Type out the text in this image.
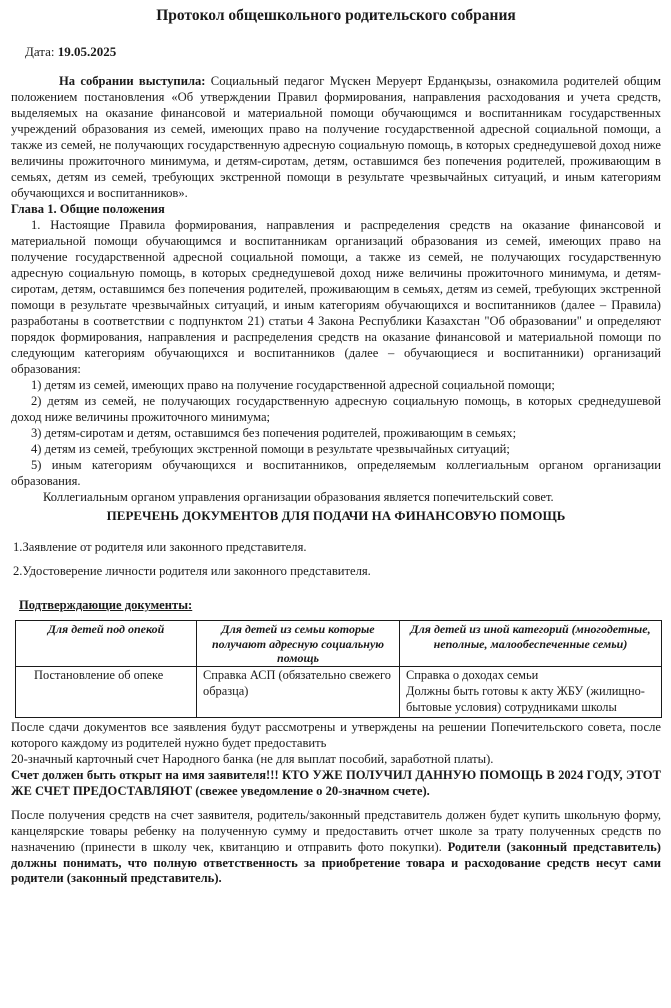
Протокол общешкольного родительского собрания
Дата: 19.05.2025

На собрании выступила: Социальный педагог Мүскен Меруерт Ерданқызы, ознакомила родителей общим положением постановления «Об утверждении Правил формирования, направления расходования и учета средств, выделяемых на оказание финансовой и материальной помощи обучающимся и воспитанникам государственных учреждений образования из семей, имеющих право на получение государственной адресной социальной помощи, а также из семей, не получающих государственную адресную социальную помощь, в которых среднедушевой доход ниже величины прожиточного минимума, и детям-сиротам, детям, оставшимся без попечения родителей, проживающим в семьях, детям из семей, требующих экстренной помощи в результате чрезвычайных ситуаций, и иным категориям обучающихся и воспитанников».

Глава 1. Общие положения

1. Настоящие Правила формирования, направления и распределения средств на оказание финансовой и материальной помощи обучающимся и воспитанникам организаций образования из семей, имеющих право на получение государственной адресной социальной помощи, а также из семей, не получающих государственную адресную социальную помощь, в которых среднедушевой доход ниже величины прожиточного минимума, и детям-сиротам, детям, оставшимся без попечения родителей, проживающим в семьях, детям из семей, требующих экстренной помощи в результате чрезвычайных ситуаций, и иным категориям обучающихся и воспитанников (далее – Правила) разработаны в соответствии с подпунктом 21) статьи 4 Закона Республики Казахстан "Об образовании" и определяют порядок формирования, направления и распределения средств на оказание финансовой и материальной помощи по следующим категориям обучающихся и воспитанников (далее – обучающиеся и воспитанники) организаций образования:

1) детям из семей, имеющих право на получение государственной адресной социальной помощи;

2) детям из семей, не получающих государственную адресную социальную помощь, в которых среднедушевой доход ниже величины прожиточного минимума;

3) детям-сиротам и детям, оставшимся без попечения родителей, проживающим в семьях;

4) детям из семей, требующих экстренной помощи в результате чрезвычайных ситуаций;

5) иным категориям обучающихся и воспитанников, определяемым коллегиальным органом организации образования.

Коллегиальным органом управления организации образования является попечительский совет.

ПЕРЕЧЕНЬ ДОКУМЕНТОВ ДЛЯ ПОДАЧИ НА ФИНАНСОВУЮ ПОМОЩЬ
1.Заявление от родителя или законного представителя.
2.Удостоверение личности родителя или законного представителя.
Подтверждающие документы:
Для детей под опекой	Для детей из семьи которые получают адресную социальную помощь	Для детей из иной категорий (многодетные, неполные, малообеспеченные семьи)
Постановление об опеке	Справка АСП (обязательно свежего образца)	Справка о доходах семьи
Должны быть готовы к акту ЖБУ (жилищно-бытовые условия) сотрудниками школы

После сдачи документов все заявления будут рассмотрены и утверждены на решении Попечительского совета, после которого каждому из родителей нужно будет предоставить

20-значный карточный счет Народного банка (не для выплат пособий, заработной платы).

Счет должен быть открыт на имя заявителя!!! КТО УЖЕ ПОЛУЧИЛ ДАННУЮ ПОМОЩЬ В 2024 ГОДУ, ЭТОТ ЖЕ СЧЕТ ПРЕДОСТАВЛЯЮТ (свежее уведомление о 20-значном счете).

После получения средств на счет заявителя, родитель/законный представитель должен будет купить школьную форму, канцелярские товары ребенку на полученную сумму и предоставить отчет школе за трату полученных средств по назначению (принести в школу чек, квитанцию и отправить фото покупки). Родители (законный представитель) должны понимать, что полную ответственность за приобретение товара и расходование средств несут сами родители (законный представитель).
